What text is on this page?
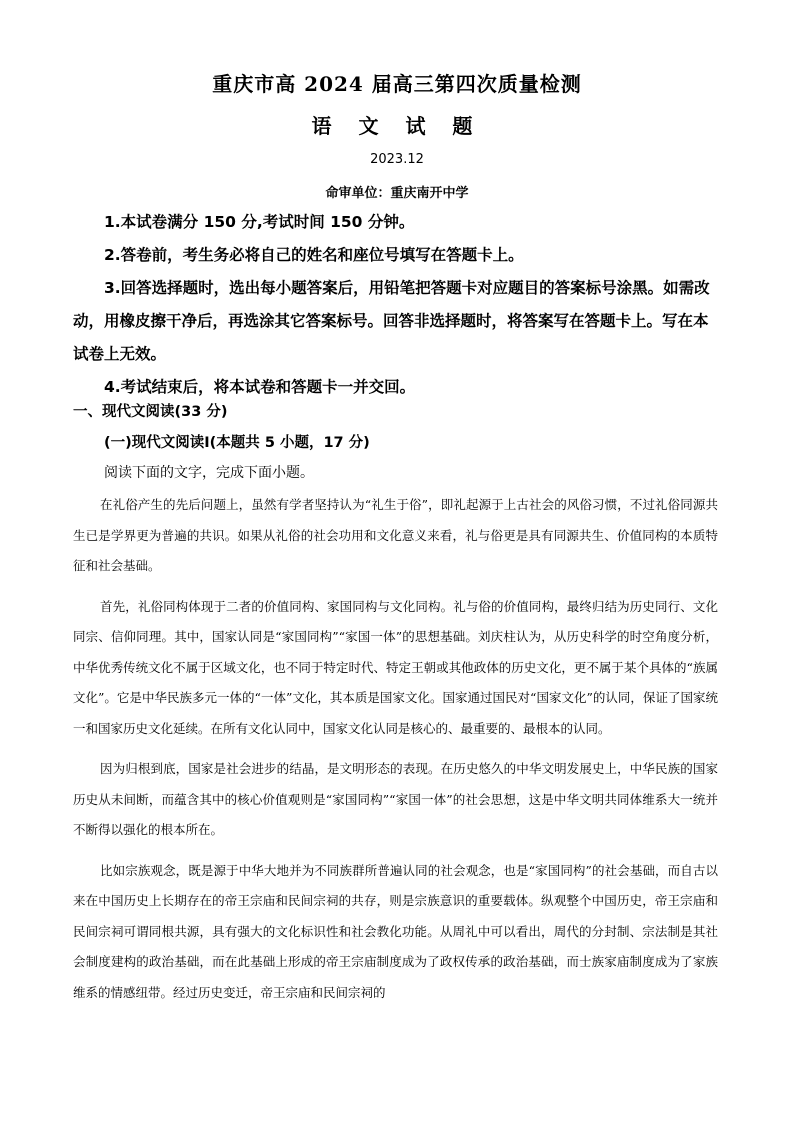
重庆市高 2024 届高三第四次质量检测
语 文 试 题
2023.12
命审单位：重庆南开中学
1.本试卷满分 150 分,考试时间 150 分钟。
2.答卷前，考生务必将自己的姓名和座位号填写在答题卡上。
3.回答选择题时，选出每小题答案后，用铅笔把答题卡对应题目的答案标号涂黑。如需改动，用橡皮擦干净后，再选涂其它答案标号。回答非选择题时，将答案写在答题卡上。写在本试卷上无效。
4.考试结束后，将本试卷和答题卡一并交回。
一、现代文阅读(33 分)
(一)现代文阅读Ⅰ(本题共 5 小题，17 分)
阅读下面的文字，完成下面小题。

在礼俗产生的先后问题上，虽然有学者坚持认为“礼生于俗”，即礼起源于上古社会的风俗习惯，不过礼俗同源共生已是学界更为普遍的共识。如果从礼俗的社会功用和文化意义来看，礼与俗更是具有同源共生、价值同构的本质特征和社会基础。

首先，礼俗同构体现于二者的价值同构、家国同构与文化同构。礼与俗的价值同构，最终归结为历史同行、文化同宗、信仰同理。其中，国家认同是“家国同构”“家国一体”的思想基础。刘庆柱认为，从历史科学的时空角度分析，中华优秀传统文化不属于区域文化，也不同于特定时代、特定王朝或其他政体的历史文化，更不属于某个具体的“族属文化”。它是中华民族多元一体的“一体”文化，其本质是国家文化。国家通过国民对“国家文化”的认同，保证了国家统一和国家历史文化延续。在所有文化认同中，国家文化认同是核心的、最重要的、最根本的认同。

因为归根到底，国家是社会进步的结晶，是文明形态的表现。在历史悠久的中华文明发展史上，中华民族的国家历史从未间断，而蕴含其中的核心价值观则是“家国同构”“家国一体”的社会思想，这是中华文明共同体维系大一统并不断得以强化的根本所在。

比如宗族观念，既是源于中华大地并为不同族群所普遍认同的社会观念，也是“家国同构”的社会基础，而自古以来在中国历史上长期存在的帝王宗庙和民间宗祠的共存，则是宗族意识的重要载体。纵观整个中国历史，帝王宗庙和民间宗祠可谓同根共源，具有强大的文化标识性和社会教化功能。从周礼中可以看出，周代的分封制、宗法制是其社会制度建构的政治基础，而在此基础上形成的帝王宗庙制度成为了政权传承的政治基础，而士族家庙制度成为了家族维系的情感纽带。经过历史变迁，帝王宗庙和民间宗祠的
